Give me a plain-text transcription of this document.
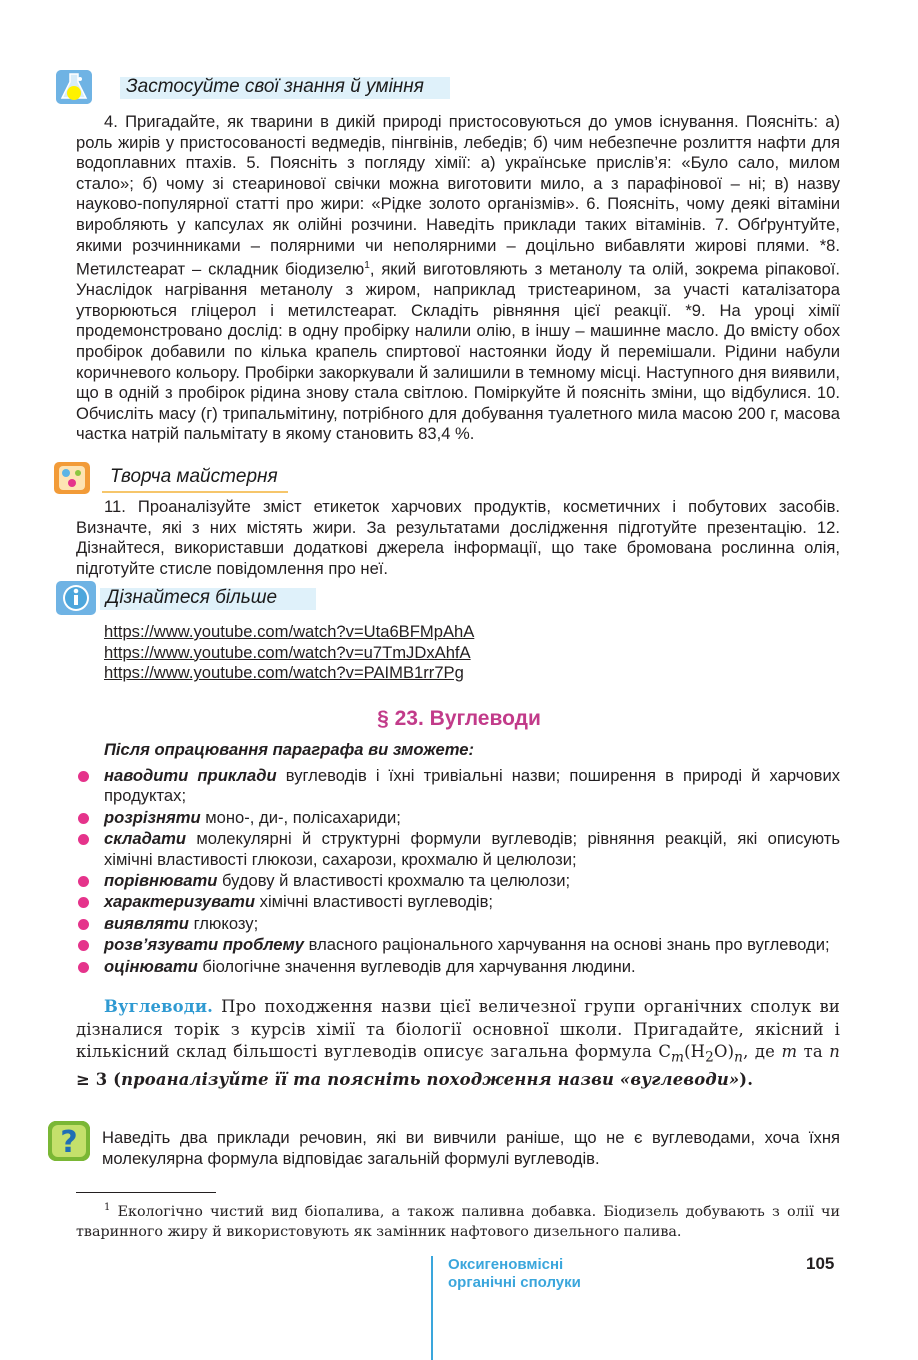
Застосуйте свої знання й уміння
4. Пригадайте, як тварини в дикій природі пристосовуються до умов існування. Поясніть: а) роль жирів у пристосованості ведмедів, пінгвінів, лебедів; б) чим небезпечне розлиття нафти для водоплавних птахів. 5. Поясніть з погляду хімії: а) українське прислів’я: «Було сало, милом стало»; б) чому зі стеаринової свічки можна виготовити мило, а з парафінової – ні; в) назву науково-популярної статті про жири: «Рідке золото організмів». 6. Поясніть, чому деякі вітаміни виробляють у капсулах як олійні розчини. Наведіть приклади таких вітамінів. 7. Обґрунтуйте, якими розчинниками – полярними чи неполярними – доцільно вибавляти жирові плями. *8. Метилстеарат – складник біодизелю$^1$, який виготовляють з метанолу та олій, зокрема ріпакової. Унаслідок нагрівання метанолу з жиром, наприклад тристеарином, за участі каталізатора утворюються гліцерол і метилстеарат. Складіть рівняння цієї реакції. *9. На уроці хімії продемонстровано дослід: в одну пробірку налили олію, в іншу – машинне масло. До вмісту обох пробірок добавили по кілька крапель спиртової настоянки йоду й перемішали. Рідини набули коричневого кольору. Пробірки закоркували й залишили в темному місці. Наступного дня виявили, що в одній з пробірок рідина знову стала світлою. Поміркуйте й поясніть зміни, що відбулися. 10. Обчисліть масу (г) трипальмітину, потрібного для добування туалетного мила масою 200 г, масова частка натрій пальмітату в якому становить 83,4 %.
Творча майстерня
11. Проаналізуйте зміст етикеток харчових продуктів, косметичних і побутових засобів. Визначте, які з них містять жири. За результатами дослідження підготуйте презентацію. 12. Дізнайтеся, використавши додаткові джерела інформації, що таке бромована рослинна олія, підготуйте стисле повідомлення про неї.
Дізнайтеся більше
https://www.youtube.com/watch?v=Uta6BFMpAhA
https://www.youtube.com/watch?v=u7TmJDxAhfA
https://www.youtube.com/watch?v=PAIMB1rr7Pg
§ 23. Вуглеводи
Після опрацювання параграфа ви зможете:
наводити приклади вуглеводів і їхні тривіальні назви; поширення в природі й харчових продуктах;
розрізняти моно-, ди-, полісахариди;
складати молекулярні й структурні формули вуглеводів; рівняння реакцій, які описують хімічні властивості глюкози, сахарози, крохмалю й целюлози;
порівнювати будову й властивості крохмалю та целюлози;
характеризувати хімічні властивості вуглеводів;
виявляти глюкозу;
розв’язувати проблему власного раціонального харчування на основі знань про вуглеводи;
оцінювати біологічне значення вуглеводів для харчування людини.
Вуглеводи. Про походження назви цієї величезної групи органічних сполук ви дізналися торік з курсів хімії та біології основної школи. Пригадайте, якісний і кількісний склад більшості вуглеводів описує загальна формула $C_m(H_2O)_n$, де m та n ≥ 3 (проаналізуйте її та поясніть походження назви «вуглеводи»).
? Наведіть два приклади речовин, які ви вивчили раніше, що не є вуглеводами, хоча їхня молекулярна формула відповідає загальній формулі вуглеводів.
$^1$ Екологічно чистий вид біопалива, а також паливна добавка. Біодизель добувають з олії чи тваринного жиру й використовують як замінник нафтового дизельного палива.
Оксигеновмісні
органічні сполуки
105
